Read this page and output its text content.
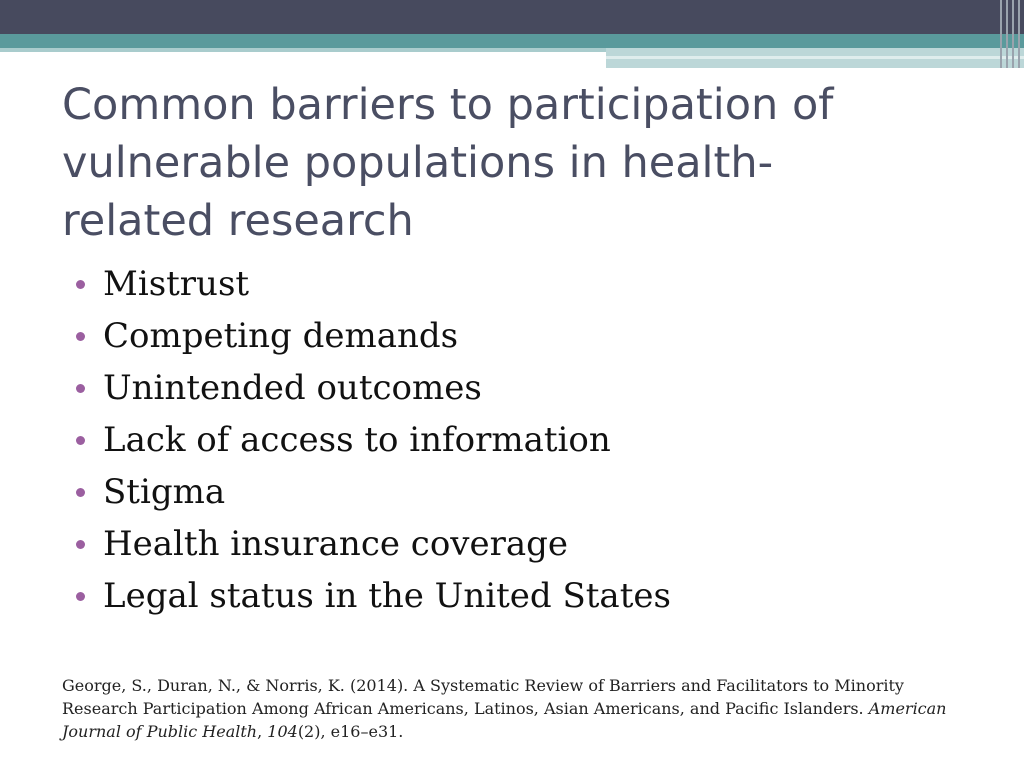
Common barriers to participation of
vulnerable populations in health-
related research
Mistrust
Competing demands
Unintended outcomes
Lack of access to information
Stigma
Health insurance coverage
Legal status in the United States
George, S., Duran, N., & Norris, K. (2014). A Systematic Review of Barriers and Facilitators to Minority Research Participation Among African Americans, Latinos, Asian Americans, and Pacific Islanders. American Journal of Public Health, 104(2), e16–e31.
